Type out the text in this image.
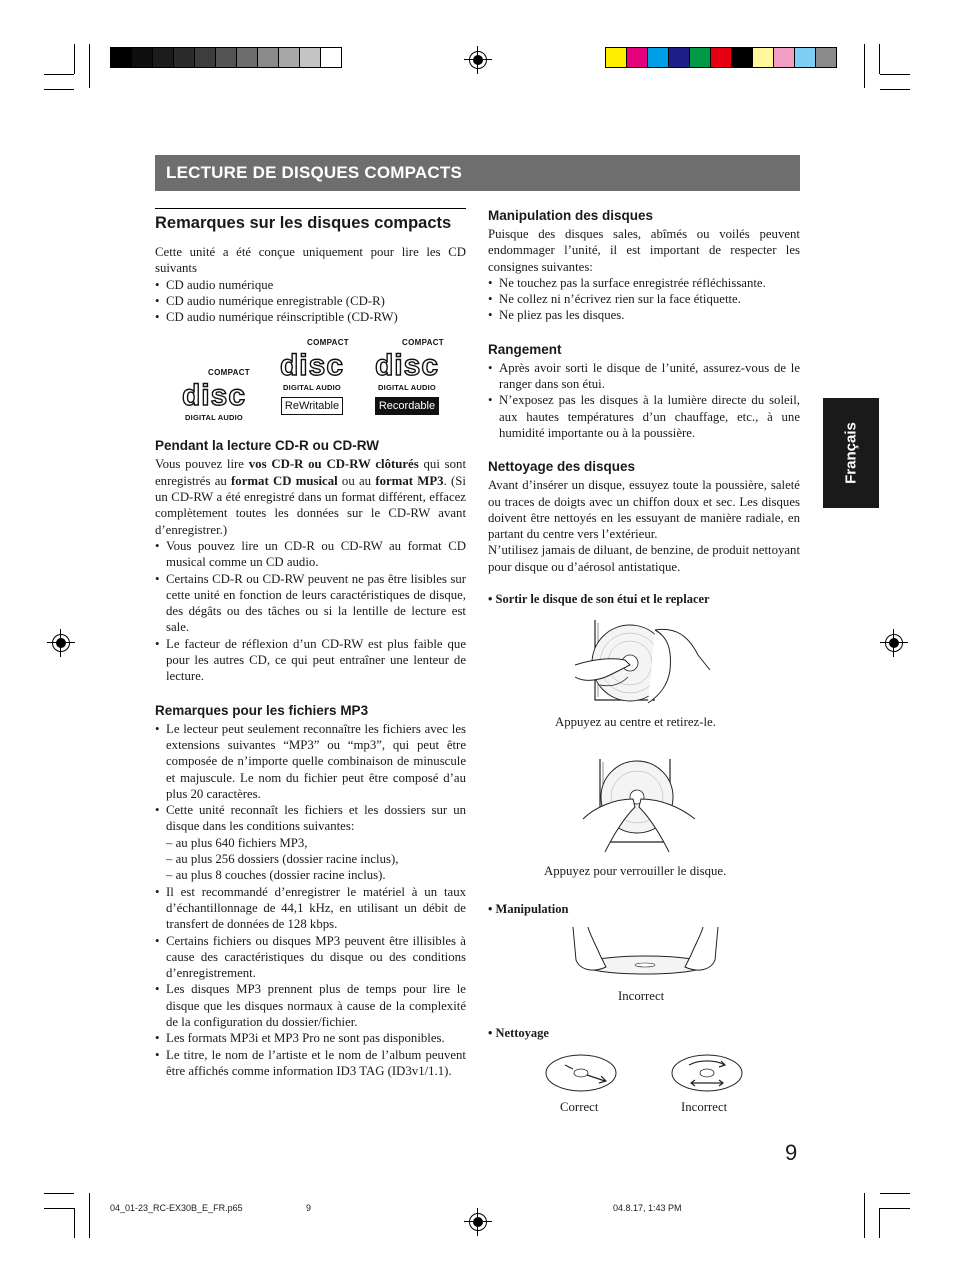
LECTURE DE DISQUES COMPACTS
Français
Remarques sur les disques compacts

Cette unité a été conçue uniquement pour lire les CD suivants

• CD audio numérique
• CD audio numérique enregistrable (CD-R)
• CD audio numérique réinscriptible (CD-RW)
COMPACT
disc
DIGITAL AUDIO
COMPACT
disc
DIGITAL AUDIO
ReWritable
COMPACT
disc
DIGITAL AUDIO
Recordable
Pendant la lecture CD-R ou CD-RW

Vous pouvez lire vos CD-R ou CD-RW clôturés qui sont enregistrés au format CD musical ou au format MP3. (Si un CD-RW a été enregistré dans un format différent, effacez complètement toutes les données sur le CD-RW avant d’enregistrer.)

• Vous pouvez lire un CD-R ou CD-RW au format CD musical comme un CD audio.
• Certains CD-R ou CD-RW peuvent ne pas être lisibles sur cette unité en fonction de leurs caractéristiques de disque, des dégâts ou des tâches ou si la lentille de lecture est sale.
• Le facteur de réflexion d’un CD-RW est plus faible que pour les autres CD, ce qui peut entraîner une lenteur de lecture.
Remarques pour les fichiers MP3
• Le lecteur peut seulement reconnaître les fichiers avec les extensions suivantes “MP3” ou “mp3”, qui peut être composée de n’importe quelle combinaison de minuscule et majuscule. Le nom du fichier peut être composé d’au plus 20 caractères.
• Cette unité reconnaît les fichiers et les dossiers sur un disque dans les conditions suivantes:
– au plus 640 fichiers MP3,
– au plus 256 dossiers (dossier racine inclus),
– au plus 8 couches (dossier racine inclus).
• Il est recommandé d’enregistrer le matériel à un taux d’échantillonnage de 44,1 kHz, en utilisant un débit de transfert de données de 128 kbps.
• Certains fichiers ou disques MP3 peuvent être illisibles à cause des caractéristiques du disque ou des conditions d’enregistrement.
• Les disques MP3 prennent plus de temps pour lire le disque que les disques normaux à cause de la complexité de la configuration du dossier/fichier.
• Les formats MP3i et MP3 Pro ne sont pas disponibles.
• Le titre, le nom de l’artiste et le nom de l’album peuvent être affichés comme information ID3 TAG (ID3v1/1.1).
Manipulation des disques

Puisque des disques sales, abîmés ou voilés peuvent endommager l’unité, il est important de respecter les consignes suivantes:

• Ne touchez pas la surface enregistrée réfléchissante.
• Ne collez ni n’écrivez rien sur la face étiquette.
• Ne pliez pas les disques.
Rangement
• Après avoir sorti le disque de l’unité, assurez-vous de le ranger dans son étui.
• N’exposez pas les disques à la lumière directe du soleil, aux hautes températures d’un chauffage, etc., à une humidité importante ou à la poussière.
Nettoyage des disques

Avant d’insérer un disque, essuyez toute la poussière, saleté ou traces de doigts avec un chiffon doux et sec. Les disques doivent être nettoyés en les essuyant de manière radiale, en partant du centre vers l’extérieur.

N’utilisez jamais de diluant, de benzine, de produit nettoyant pour disque ou d’aérosol antistatique.

• Sortir le disque de son étui et le replacer
Appuyez au centre et retirez-le.
Appuyez pour verrouiller le disque.
• Manipulation
Incorrect
• Nettoyage
Correct	Incorrect
9
04_01-23_RC-EX30B_E_FR.p65	9	04.8.17, 1:43 PM
